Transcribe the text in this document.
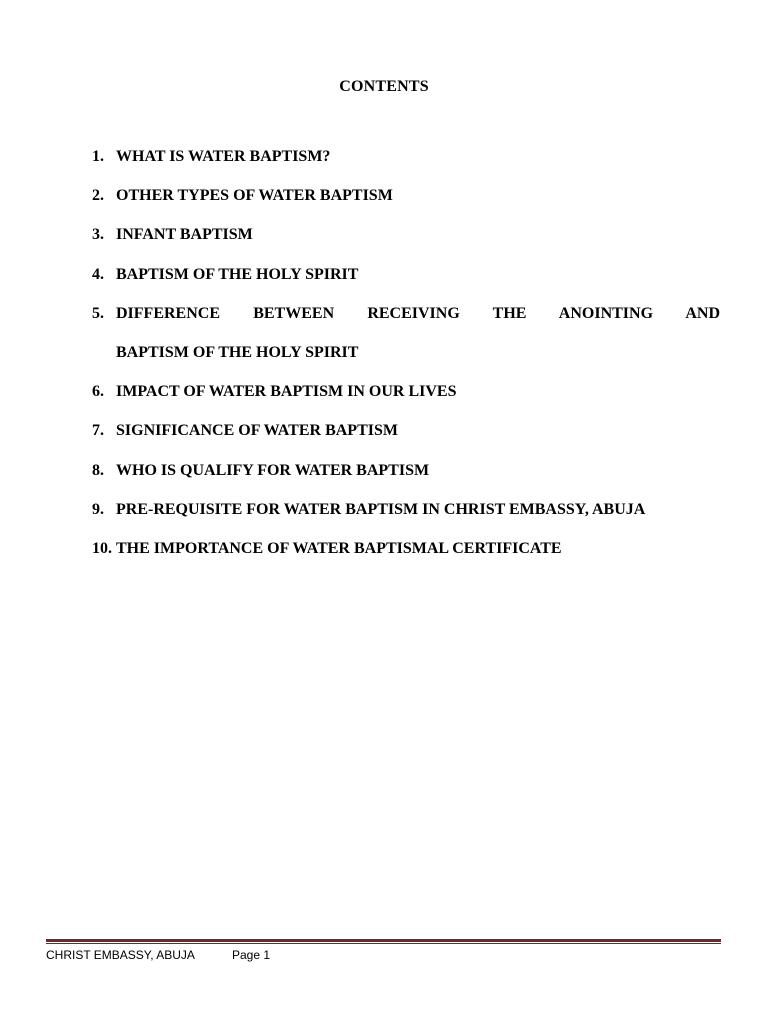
CONTENTS
1. WHAT IS WATER BAPTISM?
2. OTHER TYPES OF WATER BAPTISM
3. INFANT BAPTISM
4. BAPTISM OF THE HOLY SPIRIT
5. DIFFERENCE BETWEEN RECEIVING THE ANOINTING AND
BAPTISM OF THE HOLY SPIRIT
6. IMPACT OF WATER BAPTISM IN OUR LIVES
7. SIGNIFICANCE OF WATER BAPTISM
8. WHO IS QUALIFY FOR WATER BAPTISM
9. PRE-REQUISITE FOR WATER BAPTISM IN CHRIST EMBASSY, ABUJA
10. THE IMPORTANCE OF WATER BAPTISMAL CERTIFICATE
CHRIST EMBASSY, ABUJA	Page 1
